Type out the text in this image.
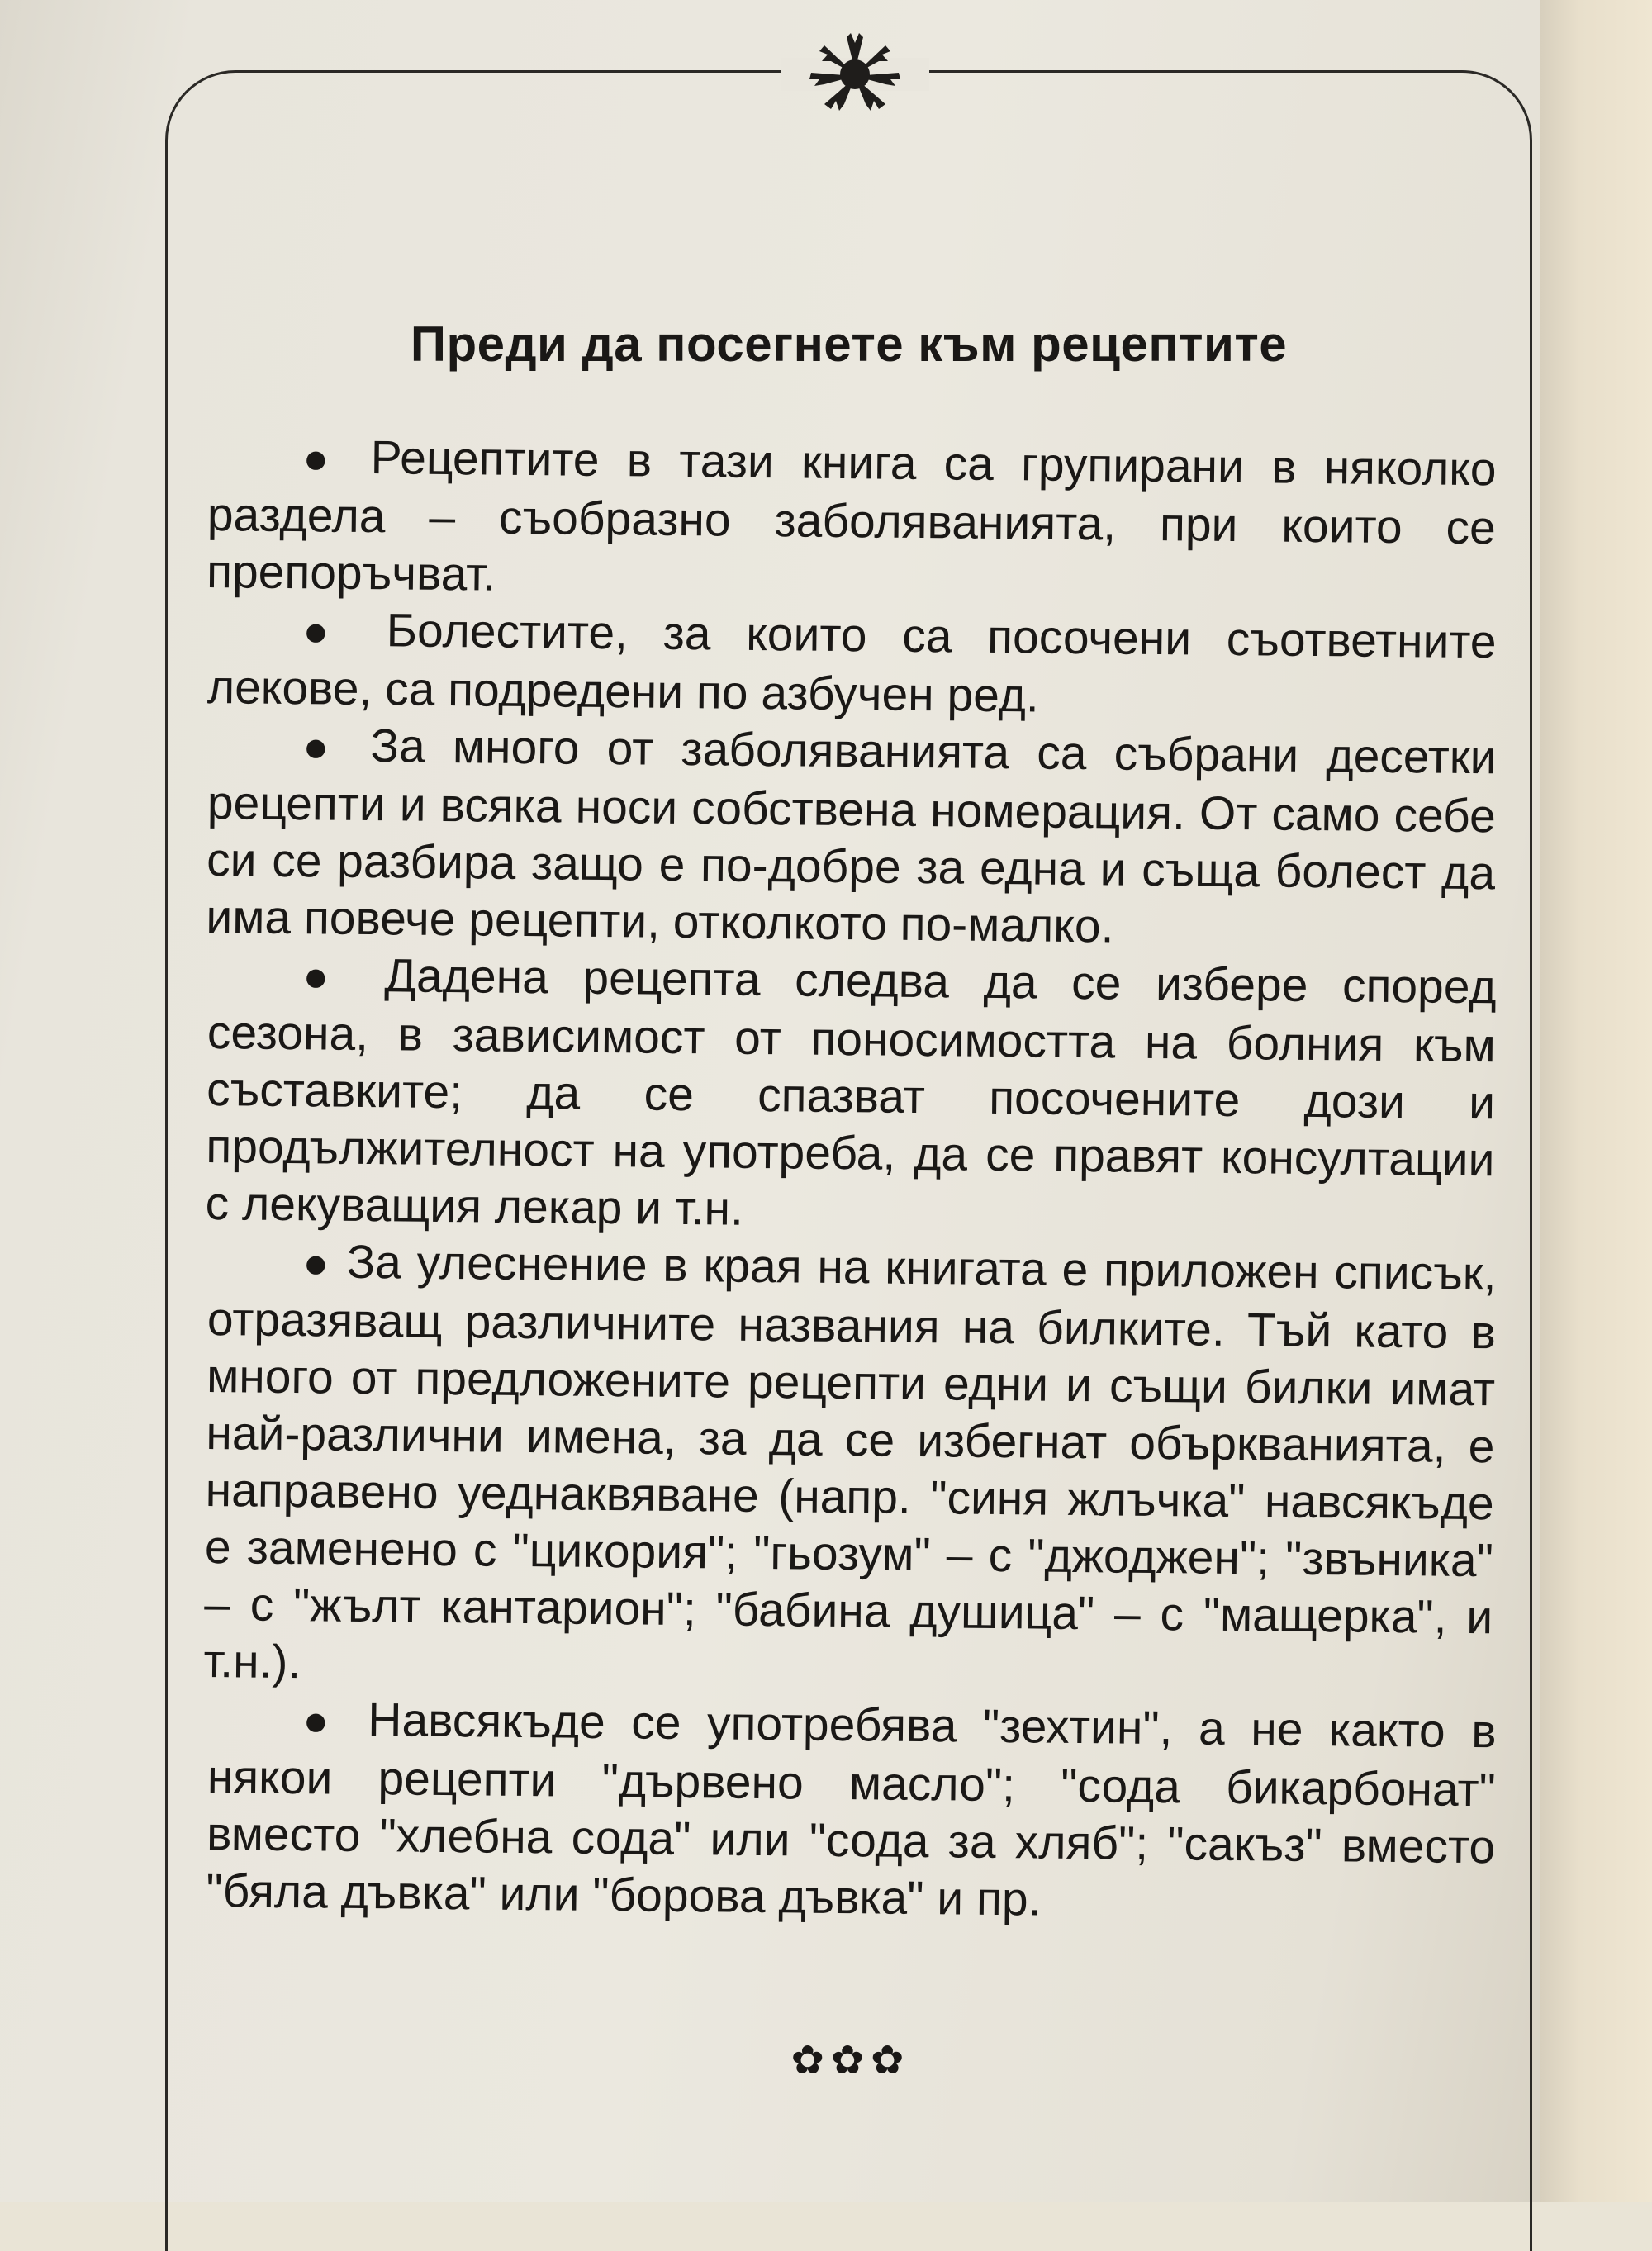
Преди да посегнете към рецептите

● Рецептите в тази книга са групирани в няколко раздела – съобразно заболяванията, при които се препоръчват.

● Болестите, за които са посочени съответните лекове, са подредени по азбучен ред.

● За много от заболяванията са събрани десетки рецепти и всяка носи собствена номерация. От само себе си се разбира защо е по-добре за една и съща болест да има повече рецепти, отколкото по-малко.

● Дадена рецепта следва да се избере според сезона, в зависимост от поносимостта на болния към съставките; да се спазват посочените дози и продължителност на употреба, да се правят консултации с лекуващия лекар и т.н.

● За улеснение в края на книгата е приложен списък, отразяващ различните названия на билките. Тъй като в много от предложените рецепти едни и същи билки имат най-различни имена, за да се избегнат объркванията, е направено уеднаквяване (напр. "синя жлъчка" навсякъде е заменено с "цикория"; "гьозум" – с "джоджен"; "звъника" – с "жълт кантарион"; "бабина душица" – с "мащерка", и т.н.).

● Навсякъде се употребява "зехтин", а не както в някои рецепти "дървено масло"; "сода бикарбонат" вместо "хлебна сода" или "сода за хляб"; "сакъз" вместо "бяла дъвка" или "борова дъвка" и пр.

✿✿✿
